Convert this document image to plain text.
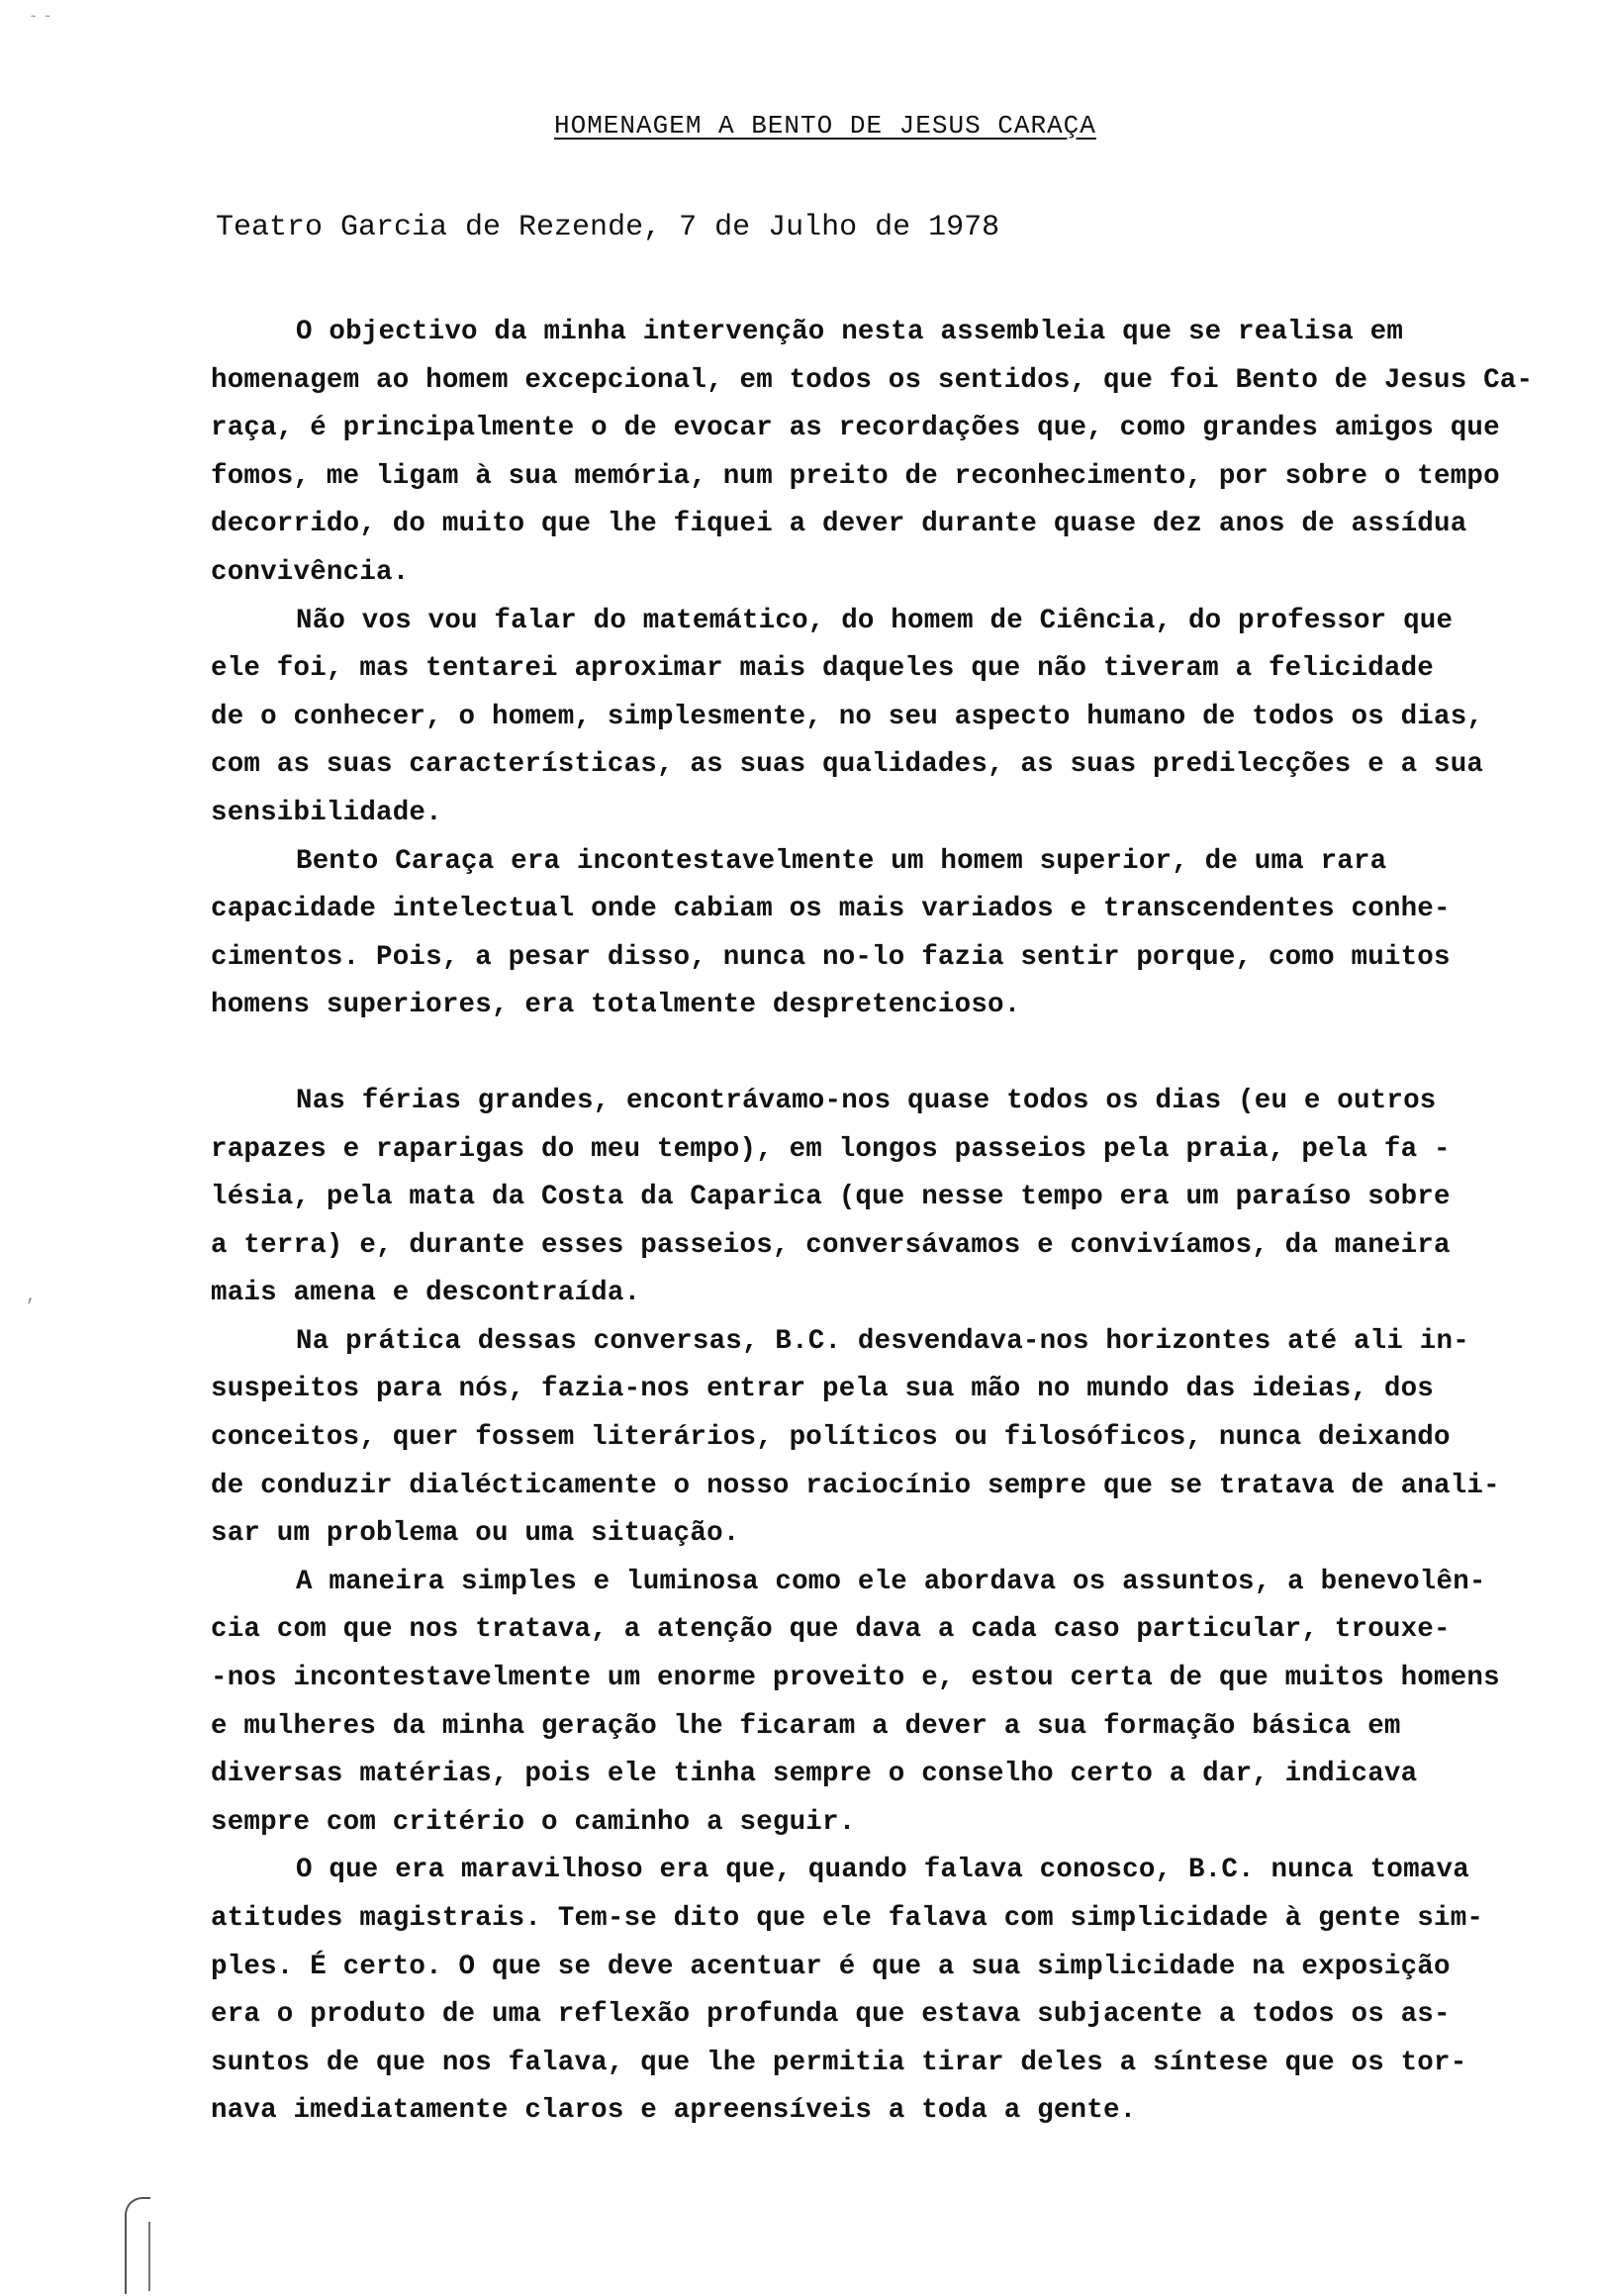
˜ ˜
HOMENAGEM A BENTO DE JESUS CARAÇA
Teatro Garcia de Rezende, 7 de Julho de 1978

O objectivo da minha intervenção nesta assembleia que se realisa em
homenagem ao homem excepcional, em todos os sentidos, que foi Bento de Jesus Ca-
raça, é principalmente o de evocar as recordações que, como grandes amigos que
fomos, me ligam à sua memória, num preito de reconhecimento, por sobre o tempo
decorrido, do muito que lhe fiquei a dever durante quase dez anos de assídua
convivência.

Não vos vou falar do matemático, do homem de Ciência, do professor que
ele foi, mas tentarei aproximar mais daqueles que não tiveram a felicidade
de o conhecer, o homem, simplesmente, no seu aspecto humano de todos os dias,
com as suas características, as suas qualidades, as suas predilecções e a sua
sensibilidade.

Bento Caraça era incontestavelmente um homem superior, de uma rara
capacidade intelectual onde cabiam os mais variados e transcendentes conhe-
cimentos. Pois, a pesar disso, nunca no-lo fazia sentir porque, como muitos
homens superiores, era totalmente despretencioso.

Nas férias grandes, encontrávamo-nos quase todos os dias (eu e outros
rapazes e raparigas do meu tempo), em longos passeios pela praia, pela fa -
lésia, pela mata da Costa da Caparica (que nesse tempo era um paraíso sobre
a terra) e, durante esses passeios, conversávamos e convivíamos, da maneira
mais amena e descontraída.

Na prática dessas conversas, B.C. desvendava-nos horizontes até ali in-
suspeitos para nós, fazia-nos entrar pela sua mão no mundo das ideias, dos
conceitos, quer fossem literários, políticos ou filosóficos, nunca deixando
de conduzir dialécticamente o nosso raciocínio sempre que se tratava de anali-
sar um problema ou uma situação.

A maneira simples e luminosa como ele abordava os assuntos, a benevolên-
cia com que nos tratava, a atenção que dava a cada caso particular, trouxe-
-nos incontestavelmente um enorme proveito e, estou certa de que muitos homens
e mulheres da minha geração lhe ficaram a dever a sua formação básica em
diversas matérias, pois ele tinha sempre o conselho certo a dar, indicava
sempre com critério o caminho a seguir.

O que era maravilhoso era que, quando falava conosco, B.C. nunca tomava
atitudes magistrais. Tem-se dito que ele falava com simplicidade à gente sim-
ples. É certo. O que se deve acentuar é que a sua simplicidade na exposição
era o produto de uma reflexão profunda que estava subjacente a todos os as-
suntos de que nos falava, que lhe permitia tirar deles a síntese que os tor-
nava imediatamente claros e apreensíveis a toda a gente.

,
